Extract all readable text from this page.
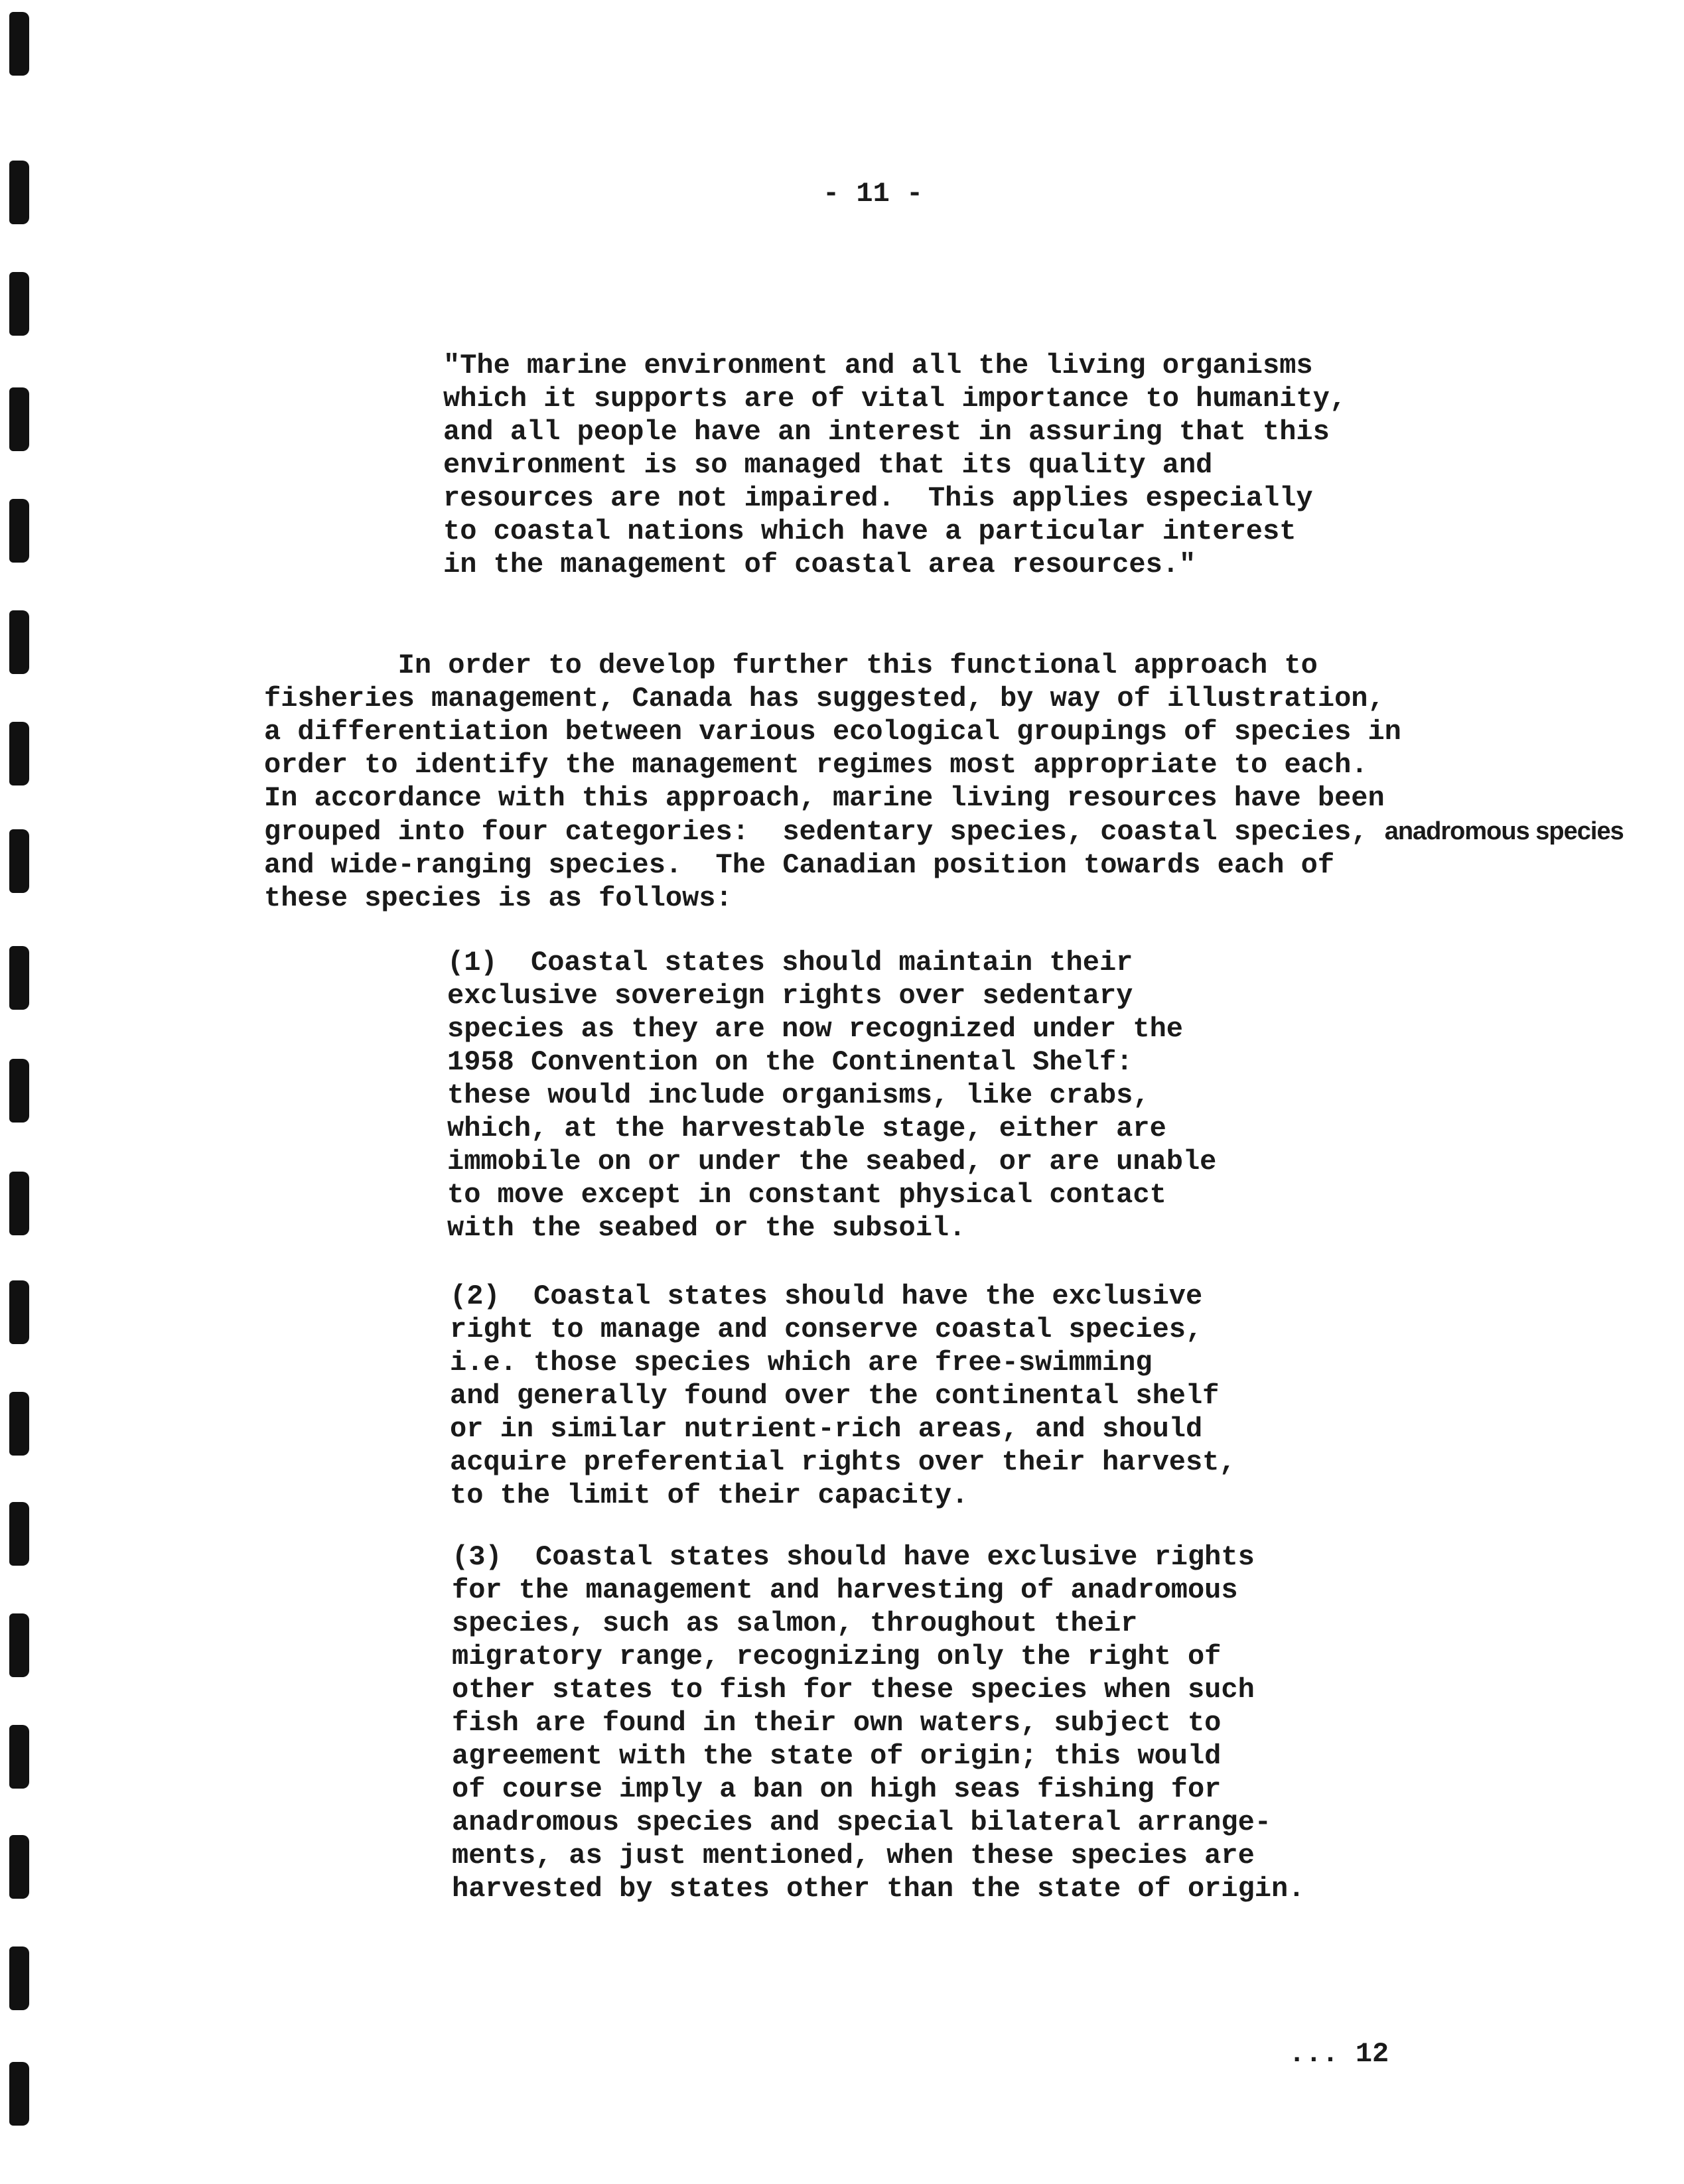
- 11 -
"The marine environment and all the living organisms
which it supports are of vital importance to humanity,
and all people have an interest in assuring that this
environment is so managed that its quality and
resources are not impaired.  This applies especially
to coastal nations which have a particular interest
in the management of coastal area resources."
In order to develop further this functional approach to
fisheries management, Canada has suggested, by way of illustration,
a differentiation between various ecological groupings of species in
order to identify the management regimes most appropriate to each.
In accordance with this approach, marine living resources have been
grouped into four categories:  sedentary species, coastal species, anadromous species
and wide-ranging species.  The Canadian position towards each of
these species is as follows:
(1)  Coastal states should maintain their
exclusive sovereign rights over sedentary
species as they are now recognized under the
1958 Convention on the Continental Shelf:
these would include organisms, like crabs,
which, at the harvestable stage, either are
immobile on or under the seabed, or are unable
to move except in constant physical contact
with the seabed or the subsoil.
(2)  Coastal states should have the exclusive
right to manage and conserve coastal species,
i.e. those species which are free-swimming
and generally found over the continental shelf
or in similar nutrient-rich areas, and should
acquire preferential rights over their harvest,
to the limit of their capacity.
(3)  Coastal states should have exclusive rights
for the management and harvesting of anadromous
species, such as salmon, throughout their
migratory range, recognizing only the right of
other states to fish for these species when such
fish are found in their own waters, subject to
agreement with the state of origin; this would
of course imply a ban on high seas fishing for
anadromous species and special bilateral arrange-
ments, as just mentioned, when these species are
harvested by states other than the state of origin.
... 12
